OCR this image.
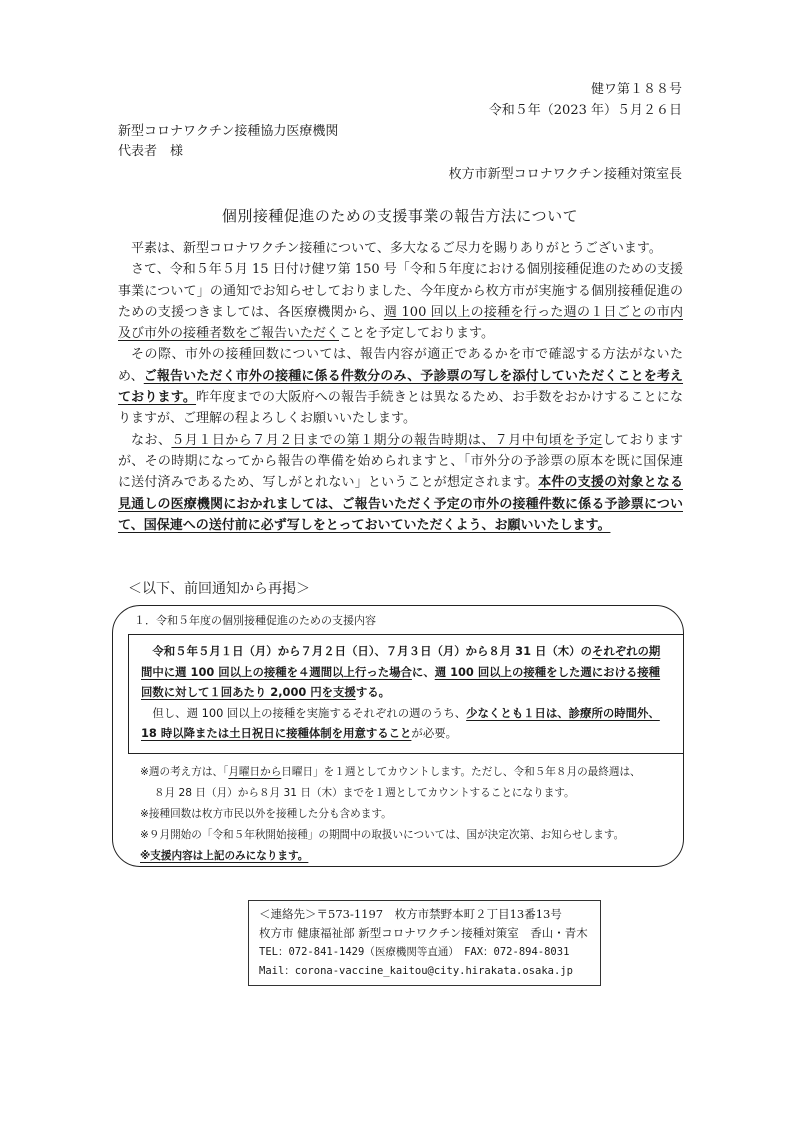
健ワ第１８８号
令和５年（2023 年）５月２６日
新型コロナワクチン接種協力医療機関
代表者　様
枚方市新型コロナワクチン接種対策室長
個別接種促進のための支援事業の報告方法について

平素は、新型コロナワクチン接種について、多大なるご尽力を賜りありがとうございます。

さて、令和５年５月 15 日付け健ワ第 150 号「令和５年度における個別接種促進のための支援事業について」の通知でお知らせしておりました、今年度から枚方市が実施する個別接種促進のための支援つきましては、各医療機関から、週 100 回以上の接種を行った週の１日ごとの市内及び市外の接種者数をご報告いただくことを予定しております。

その際、市外の接種回数については、報告内容が適正であるかを市で確認する方法がないため、ご報告いただく市外の接種に係る件数分のみ、予診票の写しを添付していただくことを考えております。昨年度までの大阪府への報告手続きとは異なるため、お手数をおかけすることになりますが、ご理解の程よろしくお願いいたします。

なお、５月１日から７月２日までの第１期分の報告時期は、７月中旬頃を予定しておりますが、その時期になってから報告の準備を始められますと、「市外分の予診票の原本を既に国保連に送付済みであるため、写しがとれない」ということが想定されます。本件の支援の対象となる見通しの医療機関におかれましては、ご報告いただく予定の市外の接種件数に係る予診票について、国保連への送付前に必ず写しをとっておいていただくよう、お願いいたします。

＜以下、前回通知から再掲＞
１．令和５年度の個別接種促進のための支援内容

令和５年５月１日（月）から７月２日（日）、７月３日（月）から８月 31 日（木）のそれぞれの期間中に週 100 回以上の接種を４週間以上行った場合に、週 100 回以上の接種をした週における接種回数に対して１回あたり 2,000 円を支援する。

但し、週 100 回以上の接種を実施するそれぞれの週のうち、少なくとも１日は、診療所の時間外、18 時以降または土日祝日に接種体制を用意することが必要。

※週の考え方は、「月曜日から日曜日」を１週としてカウントします。ただし、令和５年８月の最終週は、
８月 28 日（月）から８月 31 日（木）までを１週としてカウントすることになります。
※接種回数は枚方市民以外を接種した分も含めます。
※９月開始の「令和５年秋開始接種」の期間中の取扱いについては、国が決定次第、お知らせします。
※支援内容は上記のみになります。
＜連絡先＞〒573-1197　枚方市禁野本町２丁目13番13号
枚方市 健康福祉部 新型コロナワクチン接種対策室　香山・青木
TEL：072-841-1429（医療機関等直通）　FAX：072-894-8031
Mail：corona-vaccine_kaitou@city.hirakata.osaka.jp
